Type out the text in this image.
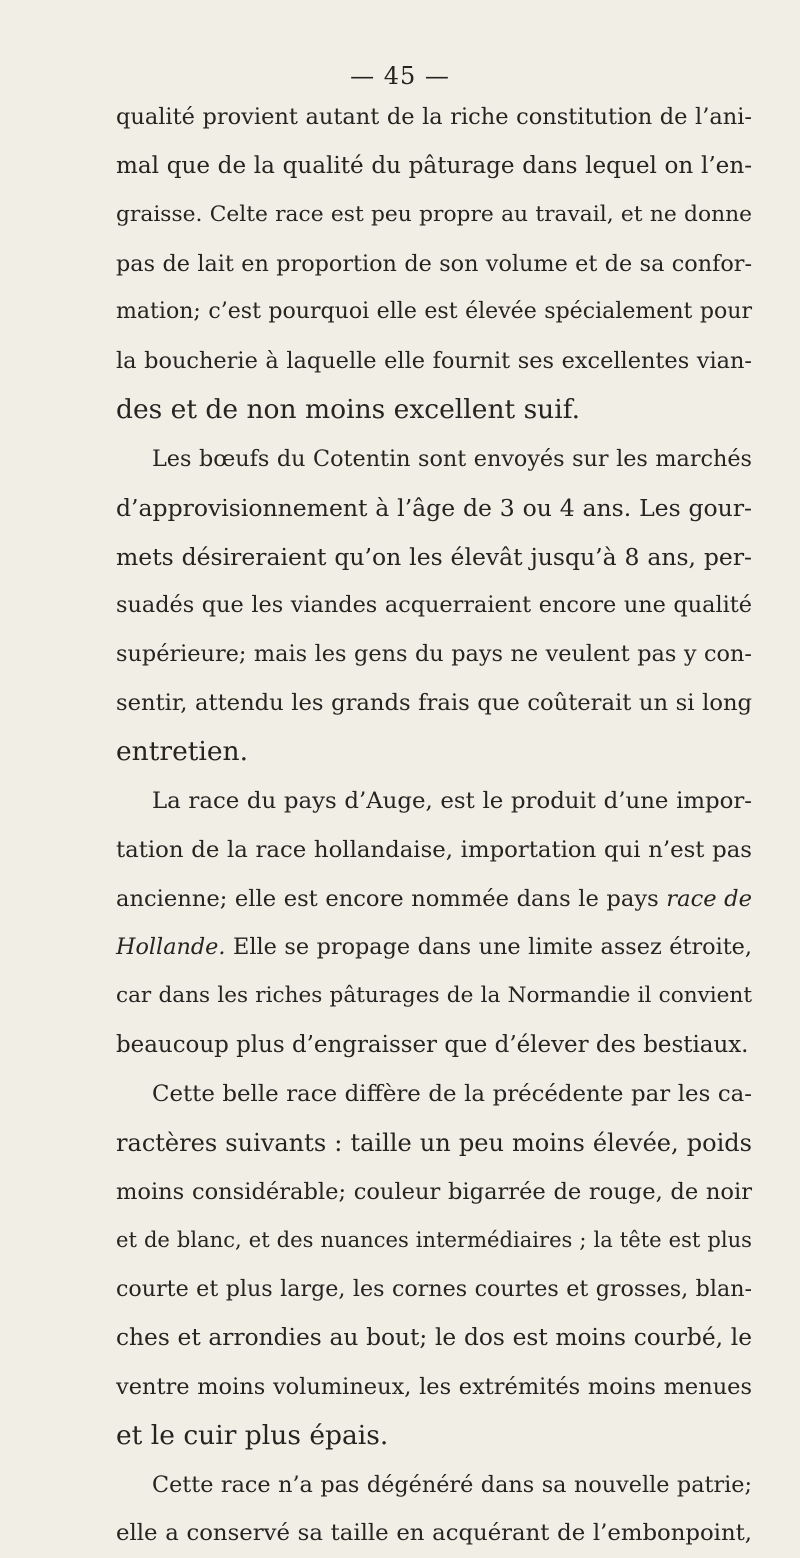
— 45 —
qualité provient autant de la riche constitution de l’ani-
mal que de la qualité du pâturage dans lequel on l’en-
graisse. Celte race est peu propre au travail, et ne donne
pas de lait en proportion de son volume et de sa confor-
mation; c’est pourquoi elle est élevée spécialement pour
la boucherie à laquelle elle fournit ses excellentes vian-
des et de non moins excellent suif.
Les bœufs du Cotentin sont envoyés sur les marchés
d’approvisionnement à l’âge de 3 ou 4 ans. Les gour-
mets désireraient qu’on les élevât jusqu’à 8 ans, per-
suadés que les viandes acquerraient encore une qualité
supérieure; mais les gens du pays ne veulent pas y con-
sentir, attendu les grands frais que coûterait un si long
entretien.
La race du pays d’Auge, est le produit d’une impor-
tation de la race hollandaise, importation qui n’est pas
ancienne; elle est encore nommée dans le pays race de
Hollande. Elle se propage dans une limite assez étroite,
car dans les riches pâturages de la Normandie il convient
beaucoup plus d’engraisser que d’élever des bestiaux.
Cette belle race diffère de la précédente par les ca-
ractères suivants : taille un peu moins élevée, poids
moins considérable; couleur bigarrée de rouge, de noir
et de blanc, et des nuances intermédiaires ; la tête est plus
courte et plus large, les cornes courtes et grosses, blan-
ches et arrondies au bout; le dos est moins courbé, le
ventre moins volumineux, les extrémités moins menues
et le cuir plus épais.
Cette race n’a pas dégénéré dans sa nouvelle patrie;
elle a conservé sa taille en acquérant de l’embonpoint,
